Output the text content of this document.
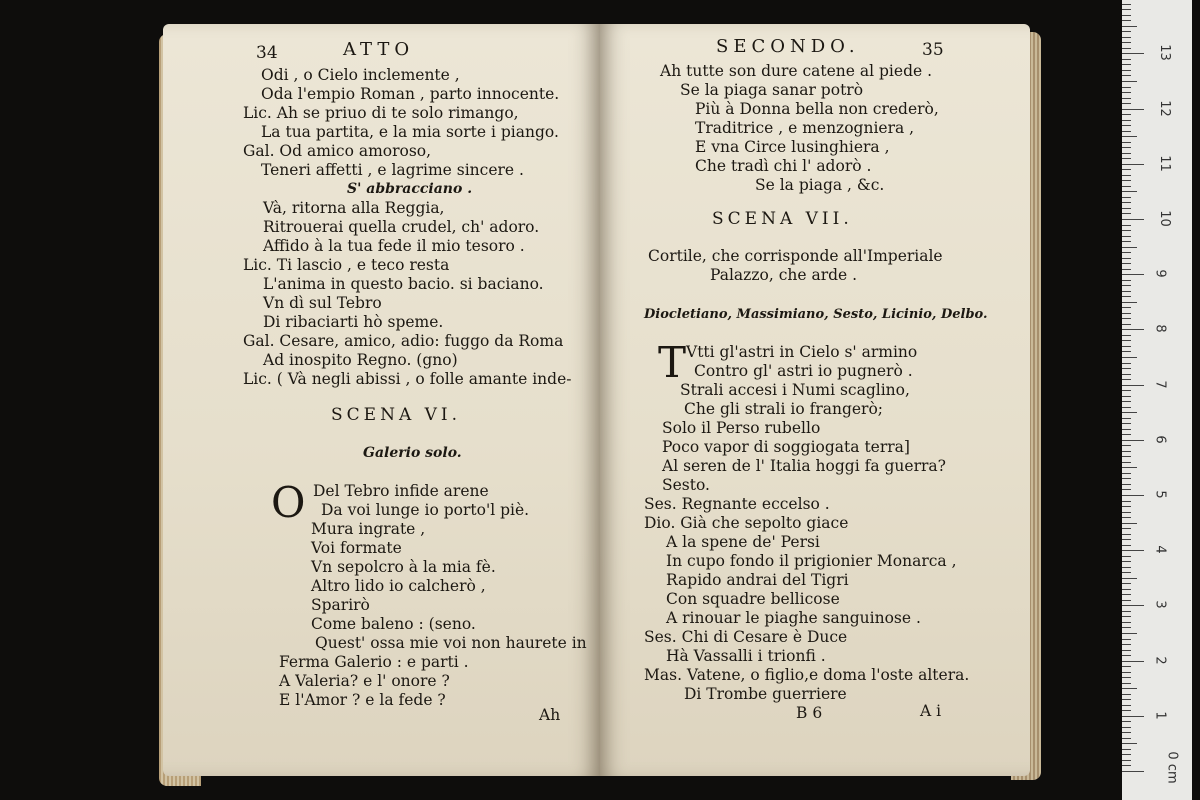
34	ATTO
Odi , o Cielo inclemente ,
Oda l'empio Roman , parto innocente.
Lic. Ah se priuo di te solo rimango,
La tua partita, e la mia sorte i piango.
Gal. Od amico amoroso,
Teneri affetti , e lagrime sincere .
S' abbracciano .
Và, ritorna alla Reggia,
Ritrouerai quella crudel, ch' adoro.
Affido à la tua fede il mio tesoro .
Lic. Ti lascio , e teco resta
L'anima in questo bacio. si baciano.
Vn dì sul Tebro
Di ribaciarti hò speme.
Gal. Cesare, amico, adio: fuggo da Roma
Ad inospito Regno. (gno)
Lic. ( Và negli abissi , o folle amante inde-
SCENA VI.
Galerio solo.
O Del Tebro infide arene
Da voi lunge io porto'l piè.
Mura ingrate ,
Voi formate
Vn sepolcro à la mia fè.
Altro lido io calcherò ,
Sparirò
Come baleno : (seno.
Quest' ossa mie voi non haurete in
Ferma Galerio : e parti .
A Valeria? e l' onore ?
E l'Amor ? e la fede ?
Ah
SECONDO.	35
Ah tutte son dure catene al piede .
Se la piaga sanar potrò
Più à Donna bella non crederò,
Traditrice , e menzogniera ,
E vna Circe lusinghiera ,
Che tradì chi l' adorò .
Se la piaga , &c.
SCENA VII.
Cortile, che corrisponde all'Imperiale
Palazzo, che arde .
Diocletiano, Massimiano, Sesto, Licinio, Delbo.
T Vtti gl'astri in Cielo s' armino
Contro gl' astri io pugnerò .
Strali accesi i Numi scaglino,
Che gli strali io frangerò;
Solo il Perso rubello
Poco vapor di soggiogata terra]
Al seren de l' Italia hoggi fa guerra?
Sesto.
Ses. Regnante eccelso .
Dio. Già che sepolto giace
A la spene de' Persi
In cupo fondo il prigionier Monarca ,
Rapido andrai del Tigri
Con squadre bellicose
A rinouar le piaghe sanguinose .
Ses. Chi di Cesare è Duce
Hà Vassalli i trionfi .
Mas. Vatene, o figlio,e doma l'oste altera.
Di Trombe guerriere
B 6	A i
0 cm
1
2
3
4
5
6
7
8
9
10
11
12
13
